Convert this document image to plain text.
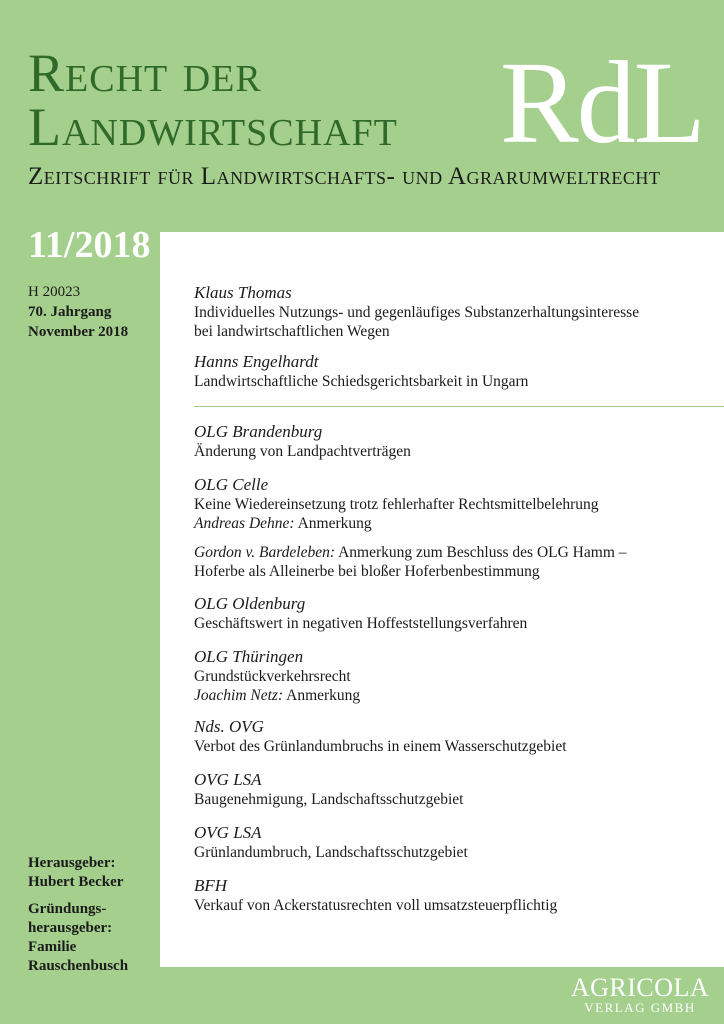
Recht der
Landwirtschaft RdL
Zeitschrift für Landwirtschafts- und Agrarumweltrecht
11/2018
H 20023
70. Jahrgang
November 2018
Herausgeber:
Hubert Becker
Gründungs-
herausgeber:
Familie
Rauschenbusch
Klaus Thomas
Individuelles Nutzungs- und gegenläufiges Substanzerhaltungsinteresse
bei landwirtschaftlichen Wegen
Hanns Engelhardt
Landwirtschaftliche Schiedsgerichtsbarkeit in Ungarn
OLG Brandenburg
Änderung von Landpachtverträgen
OLG Celle
Keine Wiedereinsetzung trotz fehlerhafter Rechtsmittelbelehrung
Andreas Dehne: Anmerkung
Gordon v. Bardeleben: Anmerkung zum Beschluss des OLG Hamm –
Hoferbe als Alleinerbe bei bloßer Hoferbenbestimmung
OLG Oldenburg
Geschäftswert in negativen Hoffeststellungsverfahren
OLG Thüringen
Grundstückverkehrsrecht
Joachim Netz: Anmerkung
Nds. OVG
Verbot des Grünlandumbruchs in einem Wasserschutzgebiet
OVG LSA
Baugenehmigung, Landschaftsschutzgebiet
OVG LSA
Grünlandumbruch, Landschaftsschutzgebiet
BFH
Verkauf von Ackerstatusrechten voll umsatzsteuerpflichtig
AGRICOLA
VERLAG GMBH
